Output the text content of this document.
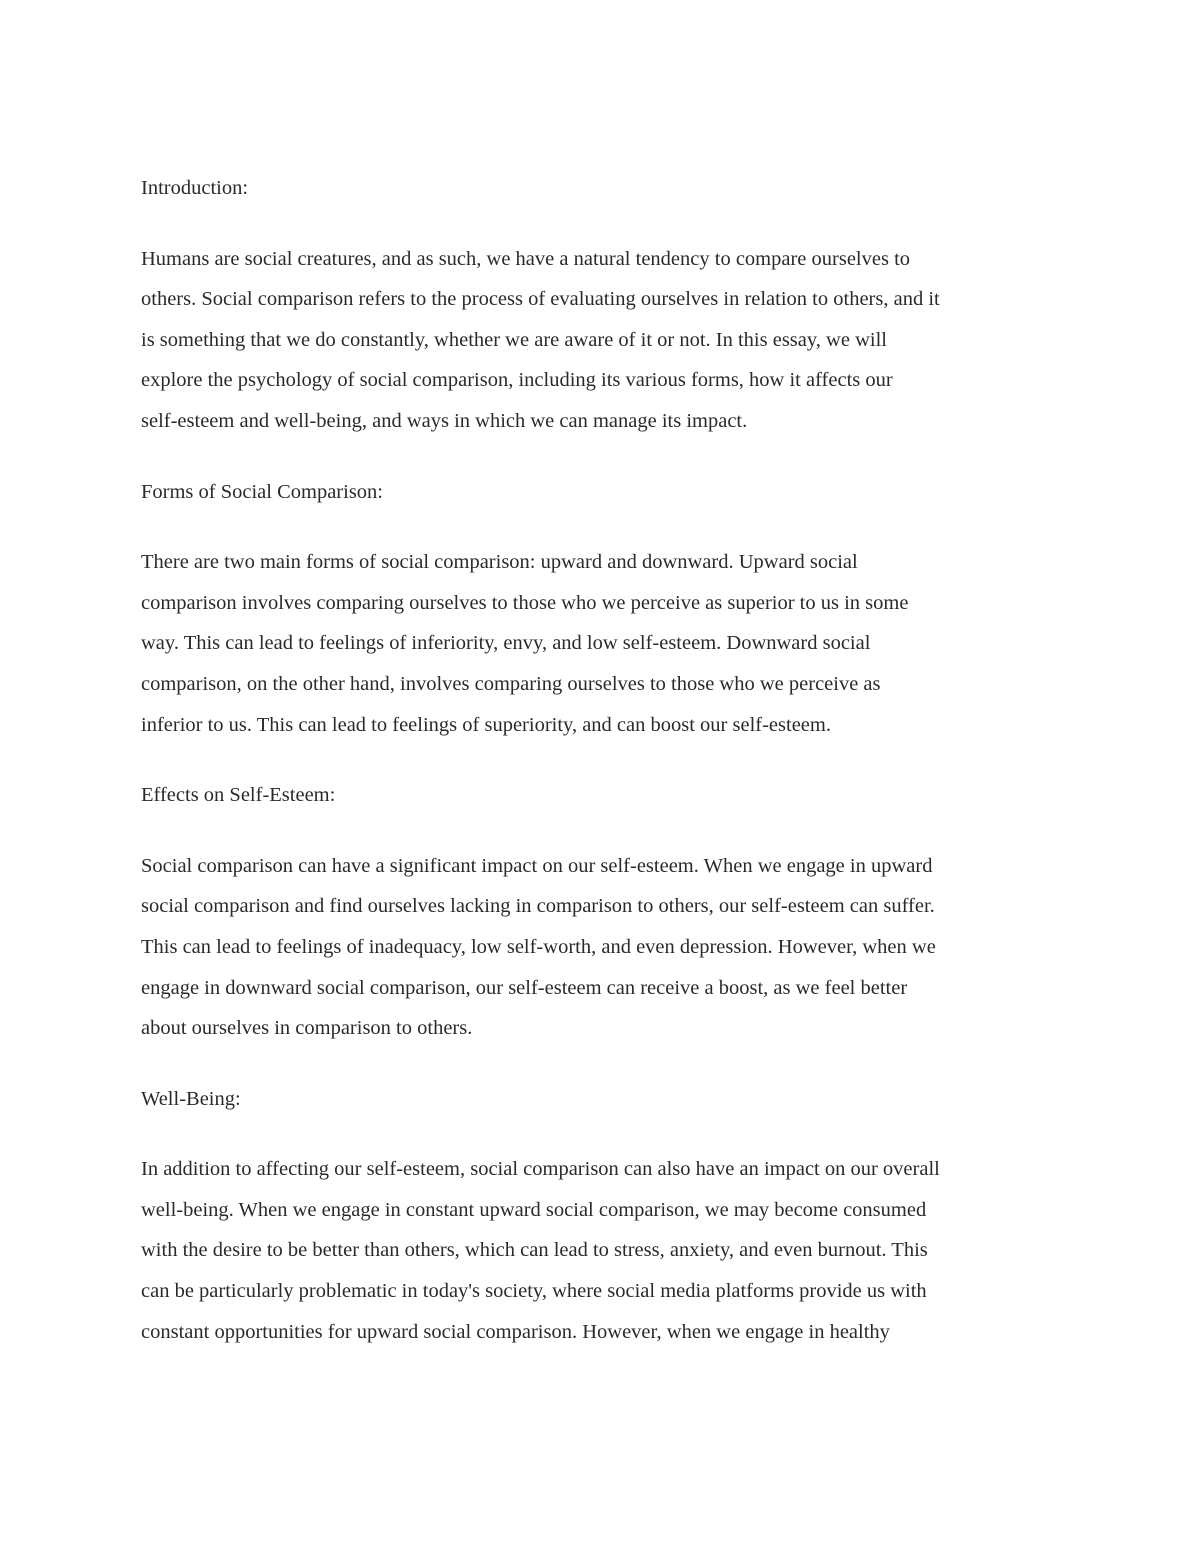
Introduction:

Humans are social creatures, and as such, we have a natural tendency to compare ourselves to
others. Social comparison refers to the process of evaluating ourselves in relation to others, and it
is something that we do constantly, whether we are aware of it or not. In this essay, we will
explore the psychology of social comparison, including its various forms, how it affects our
self-esteem and well-being, and ways in which we can manage its impact.

Forms of Social Comparison:

There are two main forms of social comparison: upward and downward. Upward social
comparison involves comparing ourselves to those who we perceive as superior to us in some
way. This can lead to feelings of inferiority, envy, and low self-esteem. Downward social
comparison, on the other hand, involves comparing ourselves to those who we perceive as
inferior to us. This can lead to feelings of superiority, and can boost our self-esteem.

Effects on Self-Esteem:

Social comparison can have a significant impact on our self-esteem. When we engage in upward
social comparison and find ourselves lacking in comparison to others, our self-esteem can suffer.
This can lead to feelings of inadequacy, low self-worth, and even depression. However, when we
engage in downward social comparison, our self-esteem can receive a boost, as we feel better
about ourselves in comparison to others.

Well-Being:

In addition to affecting our self-esteem, social comparison can also have an impact on our overall
well-being. When we engage in constant upward social comparison, we may become consumed
with the desire to be better than others, which can lead to stress, anxiety, and even burnout. This
can be particularly problematic in today's society, where social media platforms provide us with
constant opportunities for upward social comparison. However, when we engage in healthy
